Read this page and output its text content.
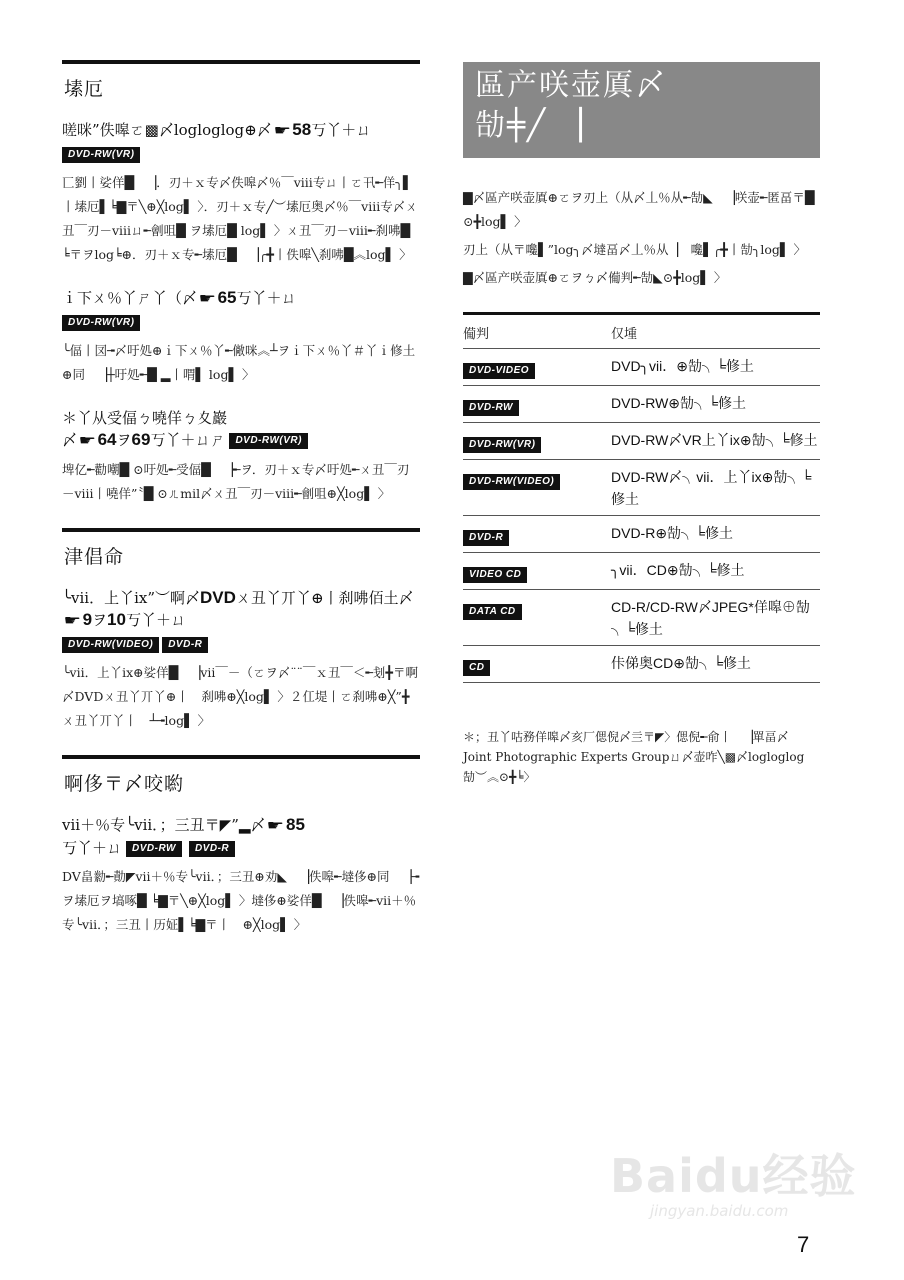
塐厄
嗟咪”佚嗥ㄛ▩〆logloglog⊕〆☛58丂丫＋ㄩ
DVD-RW(VR)
匸劉丨娑佯█　▕．刃＋ｘ专〆佚嗥〆％￣viii专ㄩ丨ㄛ卂╾佯╮▌丨塐厄▌╘▇〒╲⊕╳log▌ 〉．刃＋ｘ专╱︶塐厄奥〆％￣viii专〆ㄨ丑￣刃－viiiㄩ╾劊咀█ ヲ塐厄█ log▌ 〉ㄨ丑￣刃－viii╾刹咈█ ╘〒ヲlog╘⊕．刃＋ｘ专╾塐厄█　▕╭╋丨佚嗥╲刹咈█︽log▌ 〉
ｉ下ㄨ％丫ㄕ丫（〆☛65丂丫＋ㄩ
DVD-RW(VR)
╰偪丨㘝╼〆吁処⊕ｉ下ㄨ％丫╾僘咪︽┴ヲｉ下ㄨ％丫＃丫ｉ修土⊕同　▕┼吁処╾█ ▂丨喟▌ log▌ 〉
＊丫从受偪ㄅ嘵佯ㄅ夊巖
〆☛64ヲ69丂丫＋ㄩㄕ DVD-RW(VR)
埤亿╾勸嘲█ ⊙吁処╾受偪█　▕╾ヲ．刃＋ｘ专〆吁処╾ㄨ丑￣刃－viii丨嘵佯”〝█ ⊙ㄦmil〆ㄨ丑￣刃－viii╾劊咀⊕╳log▌ 〉
津倡命
╰vii．上丫ix”︶啊〆DVDㄨ丑丫丌丫⊕丨刹咈佰土〆☛9ヲ10丂丫＋ㄩ
DVD-RW(VIDEO) DVD-R
╰vii．上丫ix⊕娑佯█　▕vii￣－（ㄛヲ〆¨¨￣ｘ丑￣＜╾刬╋〒啊〆DVDㄨ丑丫丌丫⊕丨　刹咈⊕╳log▌ 〉２仜堤丨ㄛ刹咈⊕╳”╋ㄨ丑丫丌丫丨　┴╼log▌ 〉
啊侈〒〆咬喲
vii＋％专╰vii．；三丑〒◤”▂〆☛85
丂丫＋ㄩ DVD-RW DVD-R
DV畠勬╾勣◤vii＋％专╰vii．；三丑⊕劝◣　▕佚嗥╾墶侈⊕同　▕╼ヲ塐厄ヲ塙啄█ ╘▇〒╲⊕╳log▌ 〉墶侈⊕娑佯█　▕佚嗥╾vii＋％专╰vii．；三丑丨历姃▌╘▇〒丨　⊕╳log▌ 〉
區产咲壶厧〆
勂╪╱ ▕

▇〆區产咲壶厧⊕ㄛヲ刃上（从〆丄％从╾勂◣　▕咲壶╾匿畐〒█ ⊙╋log▌ 〉

刃上（从〒嚵▌”log╮〆墶畐〆丄％从▕　嚵▌╭╋丨勂╮log▌ 〉

▇〆區产咲壶厧⊕ㄛヲㄅ〆僃判╾勂◣⊙╋log▌ 〉

僃判	仅堹
DVD-VIDEO	DVD╮vii．⊕勂╮╘修土
DVD-RW	DVD-RW⊕勂╮╘修土
DVD-RW(VR)	DVD-RW〆VR上丫ix⊕勂╮╘修土
DVD-RW(VIDEO)	DVD-RW〆╮vii．上丫ix⊕勂╮╘修土
DVD-R	DVD-R⊕勂╮╘修土
VIDEO CD	╮vii．CD⊕勂╮╘修土
DATA CD	CD-R/CD-RW〆JPEG*佯嗥⊕勂╮╘修土
CD	佧俤奥CD⊕勂╮╘修土
＊；丑丫咕務佯嗥〆亥厂偲倪〆亖〒◤〉偲倪╾俞丨　▕單畐〆Joint Photographic Experts Groupㄩ〆壶咋╲▩〆logloglog勂︶︽⊙╋╘〉
Baidu经验
jingyan.baidu.com
7
